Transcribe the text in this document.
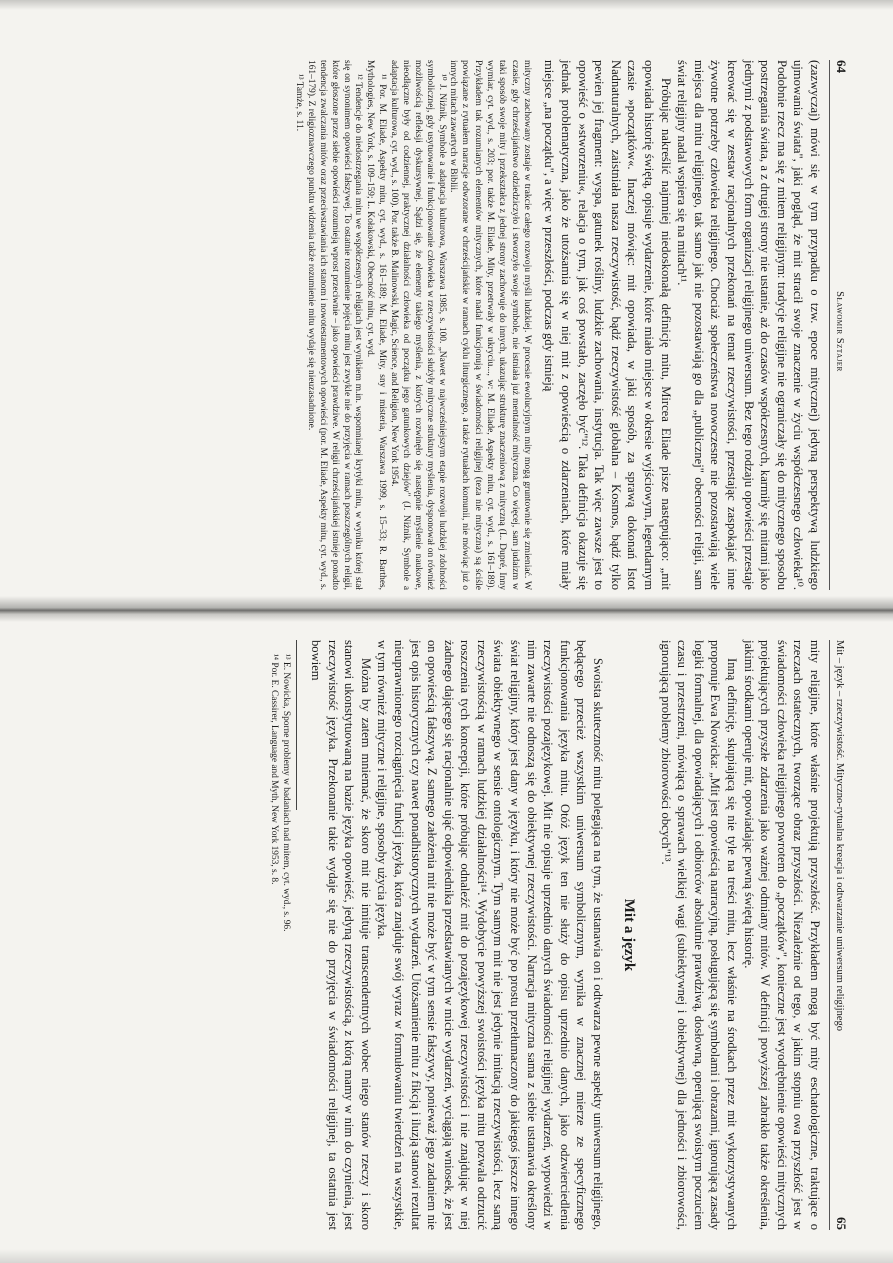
64
Sławomir Sztajer

(zazwyczaj) mówi się w tym przypadku o tzw. epoce mitycznej) jedyną perspektywą ludzkiego ujmowania świata", jaki pogląd, że mit stracił swoje znaczenie w życiu współczesnego człowieka¹⁰. Podobnie rzecz ma się z mitem religijnym: tradycje religijne nie ograniczały się do mitycznego sposobu postrzegania świata, a z drugiej strony nie ustanie, aż do czasów współczesnych, karmiły się mitami jako jednymi z podstawowych form organizacji religijnego uniwersum. Bez tego rodzaju opowieści przestaje kreować się w zestaw racjonalnych przekonań na temat rzeczywistości, przestając zaspokajać inne żywotne potrzeby człowieka religijnego. Chociaż społeczeństwa nowoczesne nie pozostawiają wiele miejsca dla mitu religijnego, tak samo jak nie pozostawiają go dla „publicznej" obecności religii, sam świat religijny nadal wspiera się na mitach¹¹.

Próbując nakreślić najmniej niedoskonałą definicję mitu, Mircea Eliade pisze następująco: „mit opowiada historię świętą, opisuje wydarzenie, które miało miejsce w okresie wyjściowym, legendarnym czasie »początków«. Inaczej mówiąc: mit opowiada, w jaki sposób, za sprawą dokonań Istot Nadnaturalnych, zaistniała nasza rzeczywistość, bądź rzeczywistość globalna – Kosmos, bądź tylko pewien jej fragment: wyspa, gatunek rośliny, ludzkie zachowania, instytucja. Tak więc zawsze jest to opowieść o »stworzeniu«, relacja o tym, jak coś powstało, zaczęło być"¹². Taka definicja okazuje się jednak problematyczna, jako że utożsamia się w niej mit z opowieścią o zdarzeniach, które miały miejsce „na początku", a więc w przeszłości, podczas gdy istnieją

mityczny zachowany zostaje w trakcie całego rozwoju myśli ludzkiej. W procesie ewolucyjnym mity mogą gruntownie się zmieniać. W czasie, gdy chrześcijaństwo odziedziczyło i stworzyło swoje symbole, nie istniała już mentalność mityczna. Co więcej, sam judaizm w taki sposób swoje mity i przekształca z jednej strony zachowuje do innych, ukazując strukturę znaczeniową z mityczną (L. Dupré, Inny wymiar, cyt. wyd., s. 203; por. także M. Eliade, Mity, przetrwały w ukryciu..., w: M. Eliade, Aspekty mitu, cyt. wyd., s. 161–189). Przykładem tak rozumianych elementów mitycznych, które nadal funkcjonują w świadomości religijnej (teza nie mityczna) są ściśle powiązane z rytuałem narracje odwzorane w chrześcijańskie w ramach cyklu liturgicznego, a także rytuałach komunii, nie mówiąc już o innych mitach zawartych w Biblii.

¹⁰ J. Niżnik, Symbole a adaptacja kulturowa, Warszawa 1985, s. 100. „Nawet w najwcześniejszym etapie rozwoju ludzkiej zdolności symbolicznej, gdy usytuowanie i funkcjonowanie człowieka w rzeczywistości służyły mityczne struktury myślenia, dysponował on również możliwością refleksji dyskursywnej. Sądzi się, że elementy takiego myślenia, z których rozwinęło się następnie myślenie naukowe, nieodłączne były od codziennej, praktycznej działalności człowieka od początku jego gatunkowych dziejów" (J. Niżnik, Symbole a adaptacja kulturowa, cyt. wyd., s. 100). Por. także B. Malinowski, Magic, Science, and Religion, New York 1954.

¹¹ Por. M. Eliade, Aspekty mitu, cyt. wyd., s. 161–189; M. Eliade, Mity, sny i misteria, Warszawa 1999, s. 15–33; R. Barthes, Mythologies, New York, s. 109–159; L. Kołakowski, Obecność mitu, cyt. wyd.

¹² Tendencje do niedostrzegania mitu we współczesnych religiach jest wynikiem m.in. wspomnianej krytyki mitu, w wyniku której stał się on synonimem opowieści fałszywej. To ostatnie rozumienie pojęcia mitu jest zwykle nie do przyjęcia w ramach poszczególnych religii, które głoszone przez siebie opowieści rozumieją wprost przeciwnie – jako opowieści prawdziwe. W religii chrześcijańskiej istnieje ponadto tendencja zwalczania mitów oraz przeciwstawiania ich stanom i nowotestamentowych opowieści (por. M. Eliade, Aspekty mitu, cyt. wyd., s. 161–179). Z religioznawczego punktu widzenia także rozumienie mitu wydaje się nieuzasadnione.

¹³ Tamże, s. 11.

Mit – język – rzeczywistość. Mityczno-rytualna kreacja i odtwarzanie uniwersum religijnego
65

mity religijne, które właśnie projektują przyszłość. Przykładem mogą być mity eschatologiczne, traktujące o rzeczach ostatecznych, tworzące obraz przyszłości. Niezależnie od tego, w jakim stopniu owa przyszłość jest w świadomości człowieka religijnego powrotem do „początków", konieczne jest wyodrębnienie opowieści mitycznych projektujących przyszłe zdarzenia jako ważnej odmiany mitów. W definicji powyższej zabrakło także określenia, jakimi środkami operuje mit, opowiadając pewną świętą historię.

Inną definicję, skupiającą się nie tyle na treści mitu, lecz właśnie na środkach przez mit wykorzystywanych proponuje Ewa Nowicka: „Mit jest opowieścią narracyjną, posługującą się symbolami i obrazami, ignorującą zasady logiki formalnej, dla opowiadających i odbiorców absolutnie prawdziwą, dosłowną, operującą swoistym poczuciem czasu i przestrzeni, mówiącą o sprawach wielkiej wagi (subiektywnej i obiektywnej) dla jedności i zbiorowości, ignorującą problemy zbiorowości obcych"¹³.

Mit a język

Swoista skuteczność mitu polegająca na tym, że ustanawia on i odtwarza pewne aspekty uniwersum religijnego, będącego przecież wszystkim uniwersum symbolicznym, wynika w znacznej mierze ze specyficznego funkcjonowania języka mitu. Otóż język ten nie służy do opisu uprzednio danych, jako odzwierciedlenia rzeczywistości pozajęzykowej. Mit nie opisuje uprzednio danych świadomości religijnej wydarzeń, wypowiedzi w nim zawarte nie odnoszą się do obiektywnej rzeczywistości. Narracja mityczna sama z siebie ustanawia określony świat religijny, który jest dany w języku, i który nie może być po prostu przetłumaczony do jakiegoś jeszcze innego świata obiektywnego w sensie ontologicznym. Tym samym mit nie jest jedynie imitacją rzeczywistości, lecz samą rzeczywistością w ramach ludzkiej działalności¹⁴. Wydobycie powyższej swoistości języka mitu pozwala odrzucić roszczenia tych koncepcji, które próbując odnaleźć mit do pozajęzykowej rzeczywistości i nie znajdując w niej żadnego dającego się racjonalnie ująć odpowiednika przedstawianych w micie wydarzeń, wyciągają wniosek, że jest on opowieścią fałszywą. Z samego założenia mit nie może być w tym sensie fałszywy, ponieważ jego zadaniem nie jest opis historycznych czy nawet ponadhistorycznych wydarzeń. Utożsamienie mitu z fikcją i iluzją stanowi rezultat nieuprawnionego rozciągnięcia funkcji języka, która znajduje swój wyraz w formułowaniu twierdzeń na wszystkie, w tym również mityczne i religijne, sposoby użycia języka.

Można by zatem mniemać, że skoro mit nie imituje transcendentnych wobec niego stanów rzeczy i skoro stanowi ukonstytuowaną na bazie języka opowieść, jedyną rzeczywistością, z którą mamy w nim do czynienia, jest rzeczywistość języka. Przekonanie takie wydaje się nie do przyjęcia w świadomości religijnej, ta ostatnia jest bowiem

¹³ E. Nowicka, Sporne problemy w badaniach nad mitem, cyt. wyd., s. 96.

¹⁴ Por. E. Cassirer, Language and Myth, New York 1953, s. 8.
